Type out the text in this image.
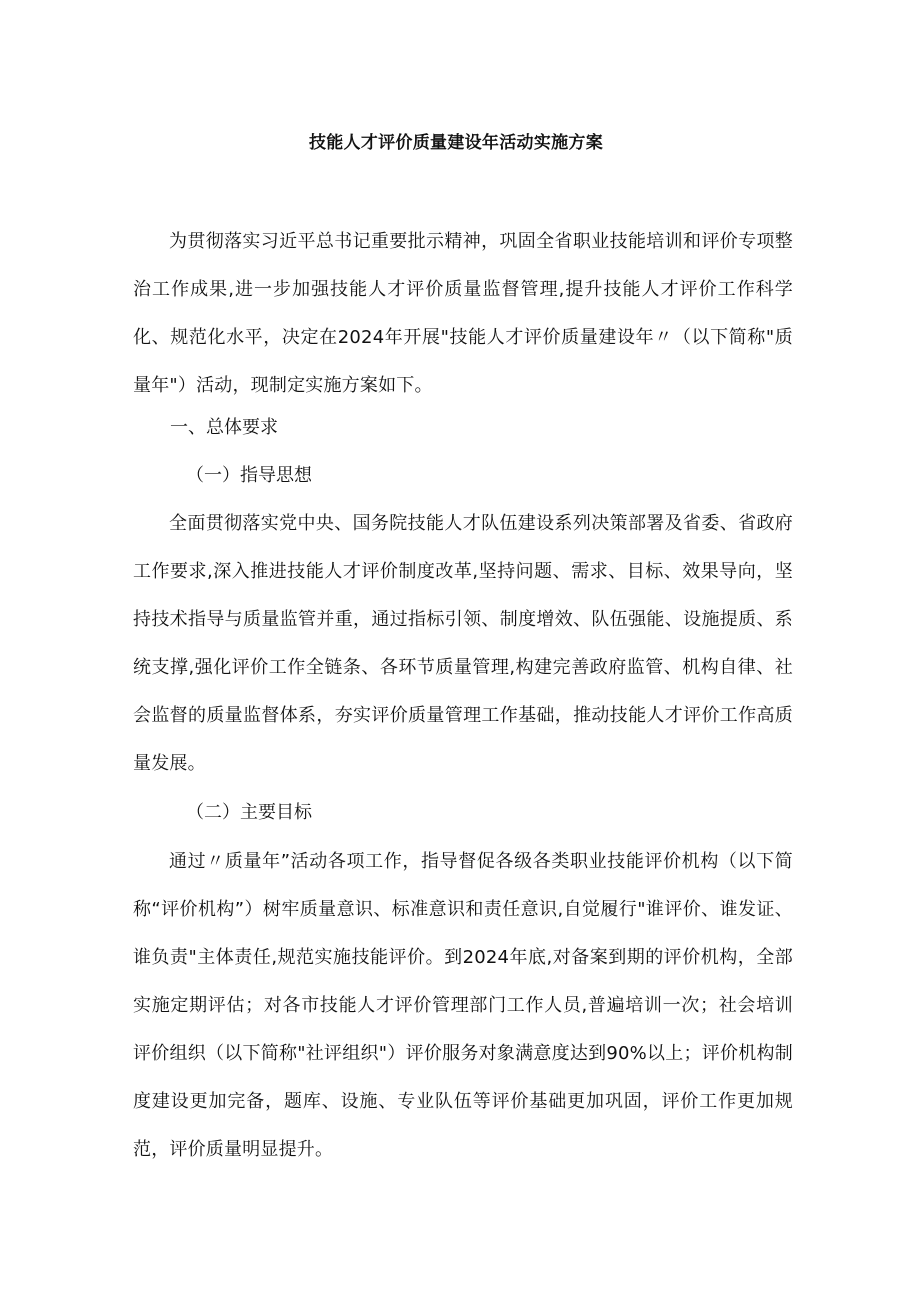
技能人才评价质量建设年活动实施方案

为贯彻落实习近平总书记重要批示精神，巩固全省职业技能培训和评价专项整治工作成果,进一步加强技能人才评价质量监督管理,提升技能人才评价工作科学化、规范化水平，决定在2024年开展"技能人才评价质量建设年〃（以下简称"质量年"）活动，现制定实施方案如下。

一、总体要求

（一）指导思想

全面贯彻落实党中央、国务院技能人才队伍建设系列决策部署及省委、省政府工作要求,深入推进技能人才评价制度改革,坚持问题、需求、目标、效果导向，坚持技术指导与质量监管并重，通过指标引领、制度增效、队伍强能、设施提质、系统支撑,强化评价工作全链条、各环节质量管理,构建完善政府监管、机构自律、社会监督的质量监督体系，夯实评价质量管理工作基础，推动技能人才评价工作高质量发展。

（二）主要目标

通过〃质量年”活动各项工作，指导督促各级各类职业技能评价机构（以下简称“评价机构”）树牢质量意识、标准意识和责任意识,自觉履行"谁评价、谁发证、谁负责"主体责任,规范实施技能评价。到2024年底,对备案到期的评价机构，全部实施定期评估；对各市技能人才评价管理部门工作人员,普遍培训一次；社会培训评价组织（以下简称"社评组织"）评价服务对象满意度达到90%以上；评价机构制度建设更加完备，题库、设施、专业队伍等评价基础更加巩固，评价工作更加规范，评价质量明显提升。
